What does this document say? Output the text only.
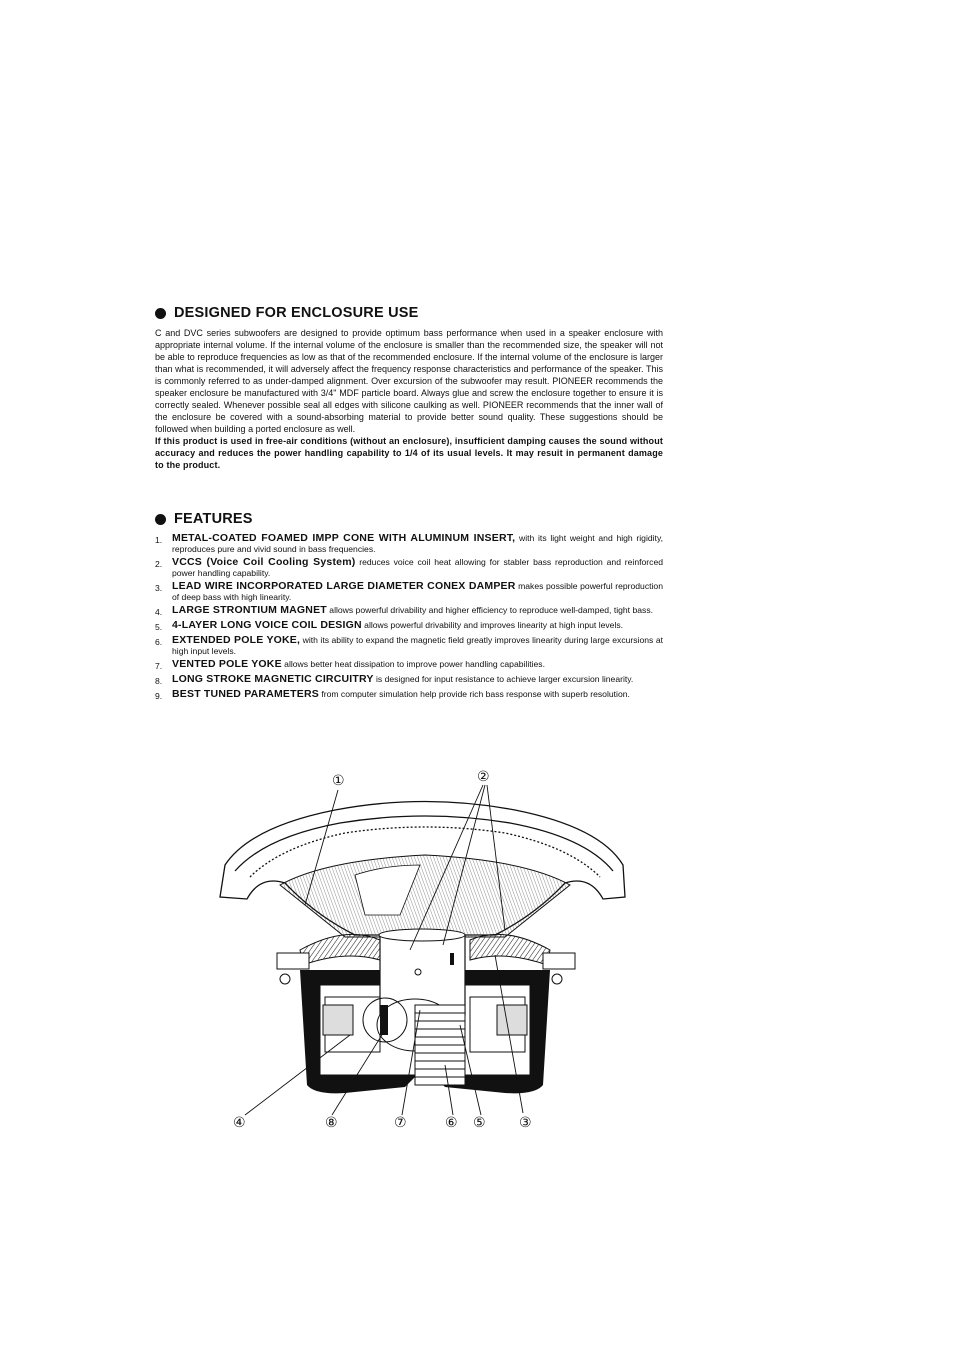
DESIGNED FOR ENCLOSURE USE

C and DVC series subwoofers are designed to provide optimum bass performance when used in a speaker enclosure with appropriate internal volume. If the internal volume of the enclosure is smaller than the recommended size, the speaker will not be able to reproduce frequencies as low as that of the recommended enclosure. If the internal volume of the enclosure is larger than what is recommended, it will adversely affect the frequency response characteristics and performance of the speaker. This is commonly referred to as under-damped alignment. Over excursion of the subwoofer may result. PIONEER recommends the speaker enclosure be manufactured with 3/4" MDF particle board. Always glue and screw the enclosure together to ensure it is correctly sealed. Whenever possible seal all edges with silicone caulking as well. PIONEER recommends that the inner wall of the enclosure be covered with a sound-absorbing material to provide better sound quality. These suggestions should be followed when building a ported enclosure as well.

If this product is used in free-air conditions (without an enclosure), insufficient damping causes the sound without accuracy and reduces the power handling capability to 1/4 of its usual levels. It may resuit in permanent damage to the product.

FEATURES
1. METAL-COATED FOAMED IMPP CONE WITH ALUMINUM INSERT, with its light weight and high rigidity, reproduces pure and vivid sound in bass frequencies.
2. VCCS (Voice Coil Cooling System) reduces voice coil heat allowing for stabler bass reproduction and reinforced power handling capability.
3. LEAD WIRE INCORPORATED LARGE DIAMETER CONEX DAMPER makes possible powerful reproduction of deep bass with high linearity.
4. LARGE STRONTIUM MAGNET allows powerful drivability and higher efficiency to reproduce well-damped, tight bass.
5. 4-LAYER LONG VOICE COIL DESIGN allows powerful drivability and improves linearity at high input levels.
6. EXTENDED POLE YOKE, with its ability to expand the magnetic field greatly improves linearity during large excursions at high input levels.
7. VENTED POLE YOKE allows better heat dissipation to improve power handling capabilities.
8. LONG STROKE MAGNETIC CIRCUITRY is designed for input resistance to achieve larger excursion linearity.
9. BEST TUNED PARAMETERS from computer simulation help provide rich bass response with superb resolution.
①	②
③
④	⑤
⑥
⑦
⑧
